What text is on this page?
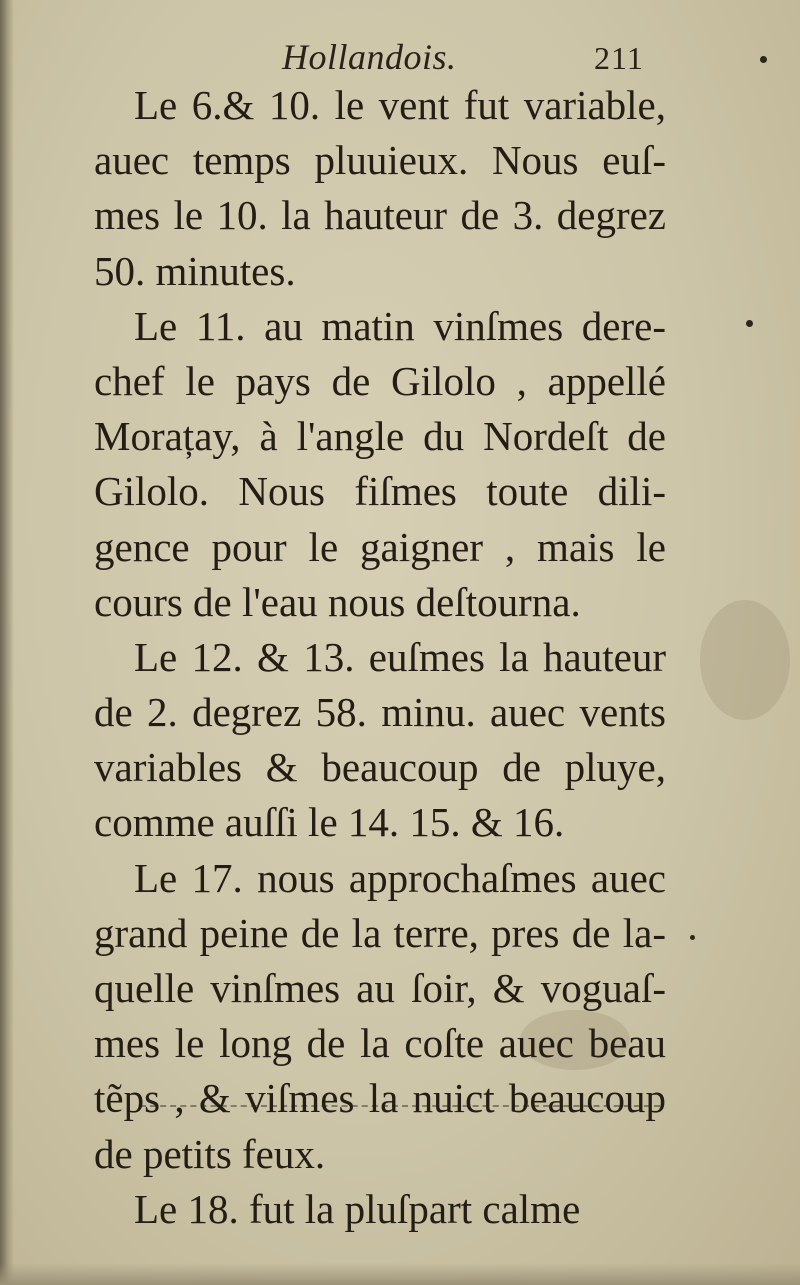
Hollandois.	211
Le 6.& 10. le vent fut variable,
auec temps pluuieux. Nous euſ-
mes le 10. la hauteur de 3. degrez
50. minutes.
Le 11. au matin vinſmes dere-
chef le pays de Gilolo , appellé
Morațay, à l'angle du Nordeſt de
Gilolo. Nous fiſmes toute dili-
gence pour le gaigner , mais le
cours de l'eau nous deſtourna.
Le 12. & 13. euſmes la hauteur
de 2. degrez 58. minu. auec vents
variables & beaucoup de pluye,
comme auſſi le 14. 15. & 16.
Le 17. nous approchaſmes auec
grand peine de la terre, pres de la-
quelle vinſmes au ſoir, & voguaſ-
mes le long de la coſte auec beau
tẽps , & viſmes la nuict beaucoup
de petits feux.
Le 18. fut la pluſpart calme
